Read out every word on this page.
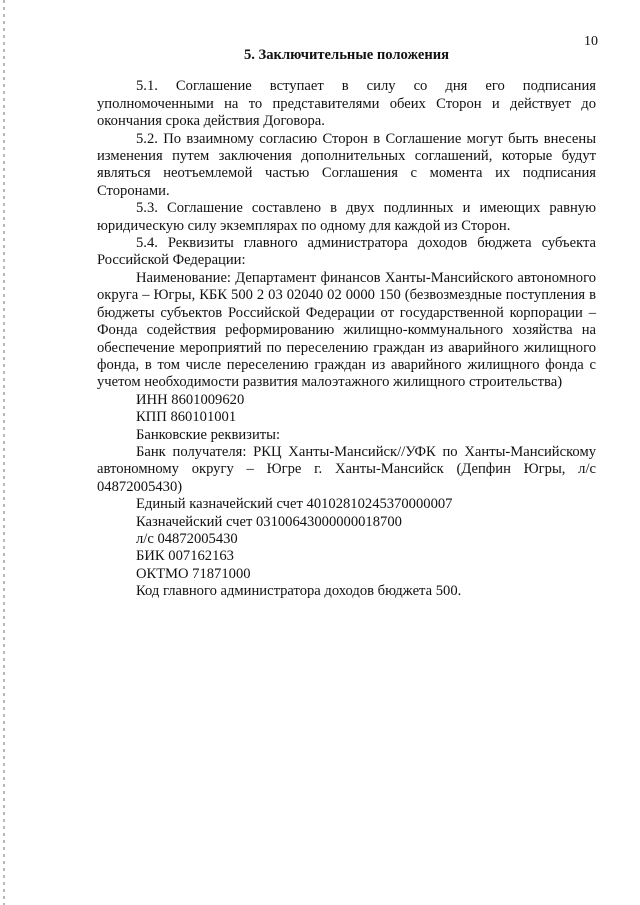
10

5. Заключительные положения

5.1. Соглашение вступает в силу со дня его подписания уполномоченными на то представителями обеих Сторон и действует до окончания срока действия Договора.

5.2. По взаимному согласию Сторон в Соглашение могут быть внесены изменения путем заключения дополнительных соглашений, которые будут являться неотъемлемой частью Соглашения с момента их подписания Сторонами.

5.3. Соглашение составлено в двух подлинных и имеющих равную юридическую силу экземплярах по одному для каждой из Сторон.

5.4. Реквизиты главного администратора доходов бюджета субъекта Российской Федерации:

Наименование: Департамент финансов Ханты-Мансийского автономного округа – Югры, КБК 500 2 03 02040 02 0000 150 (безвозмездные поступления в бюджеты субъектов Российской Федерации от государственной корпорации – Фонда содействия реформированию жилищно-коммунального хозяйства на обеспечение мероприятий по переселению граждан из аварийного жилищного фонда, в том числе переселению граждан из аварийного жилищного фонда с учетом необходимости развития малоэтажного жилищного строительства)

ИНН 8601009620

КПП 860101001

Банковские реквизиты:

Банк получателя: РКЦ Ханты-Мансийск//УФК по Ханты-Мансийскому автономному округу – Югре г. Ханты-Мансийск (Депфин Югры, л/с 04872005430)

Единый казначейский счет 40102810245370000007

Казначейский счет 03100643000000018700

л/с 04872005430

БИК 007162163

ОКТМО 71871000

Код главного администратора доходов бюджета 500.
